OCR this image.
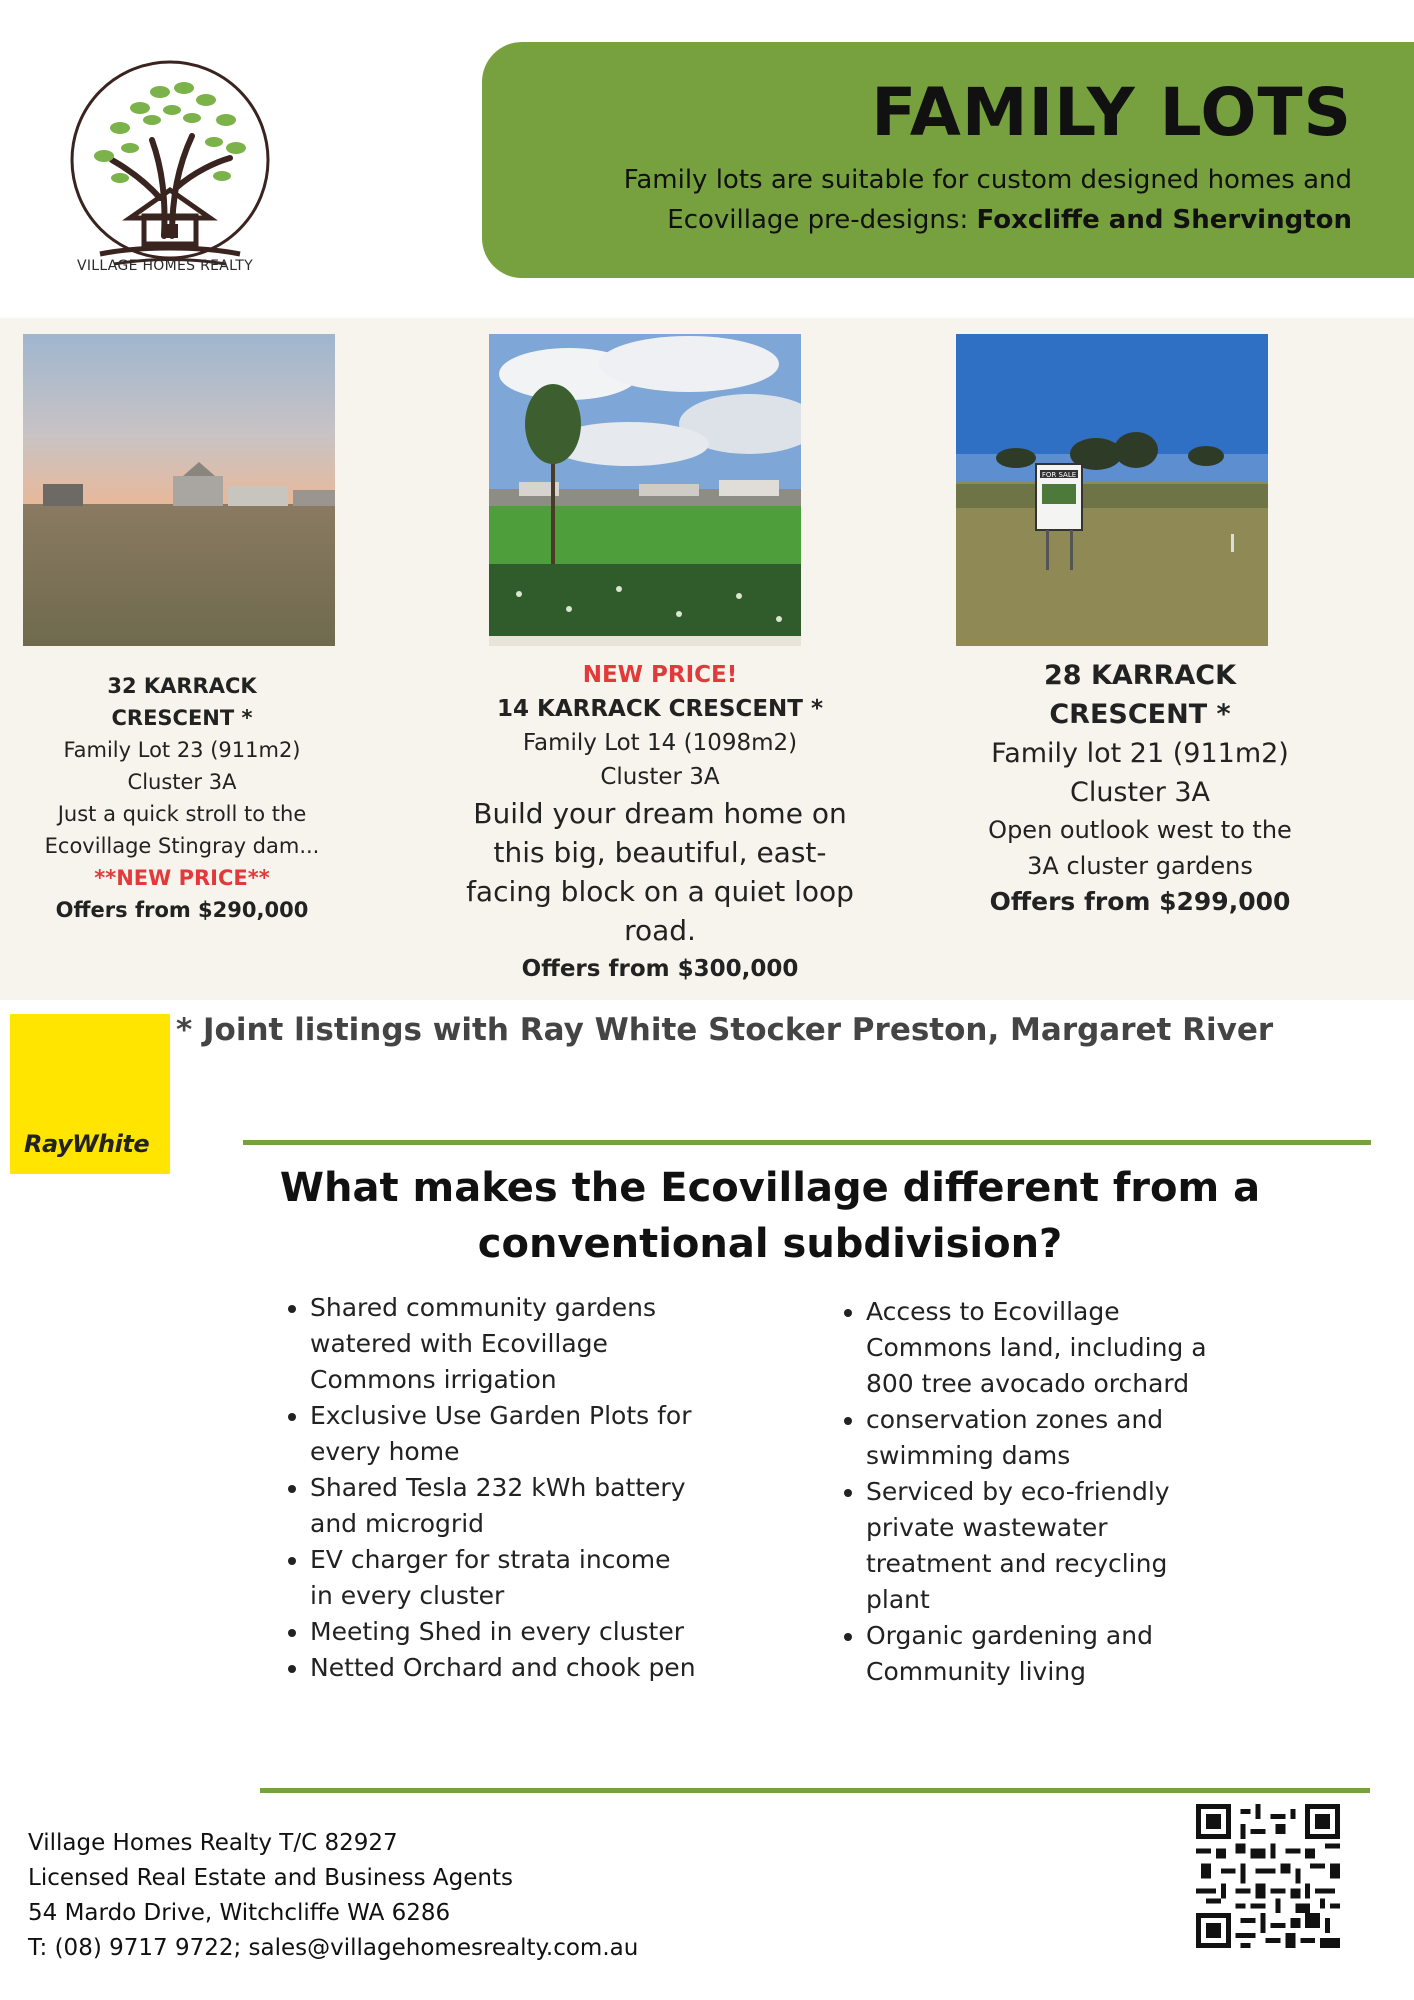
VILLAGE HOMES REALTY
FAMILY LOTS
Family lots are suitable for custom designed homes and
Ecovillage pre-designs: Foxcliffe and Shervington
FOR SALE
32 KARRACK
CRESCENT *
Family Lot 23 (911m2)
Cluster 3A
Just a quick stroll to the
Ecovillage Stingray dam...
**NEW PRICE**
Offers from $290,000
NEW PRICE!
14 KARRACK CRESCENT *
Family Lot 14 (1098m2)
Cluster 3A
Build your dream home on
this big, beautiful, east-
facing block on a quiet loop
road.
Offers from $300,000
28 KARRACK
CRESCENT *
Family lot 21 (911m2)
Cluster 3A
Open outlook west to the
3A cluster gardens
Offers from $299,000
RayWhite
* Joint listings with Ray White Stocker Preston, Margaret River
What makes the Ecovillage different from a
conventional subdivision?
• Shared community gardens watered with Ecovillage Commons irrigation
• Exclusive Use Garden Plots for every home
• Shared Tesla 232 kWh battery and microgrid
• EV charger for strata income in every cluster
• Meeting Shed in every cluster
• Netted Orchard and chook pen
• Access to Ecovillage Commons land, including a 800 tree avocado orchard
• conservation zones and swimming dams
• Serviced by eco-friendly private wastewater treatment and recycling plant
• Organic gardening and Community living
Village Homes Realty T/C 82927
Licensed Real Estate and Business Agents
54 Mardo Drive, Witchcliffe WA 6286
T: (08) 9717 9722; sales@villagehomesrealty.com.au
